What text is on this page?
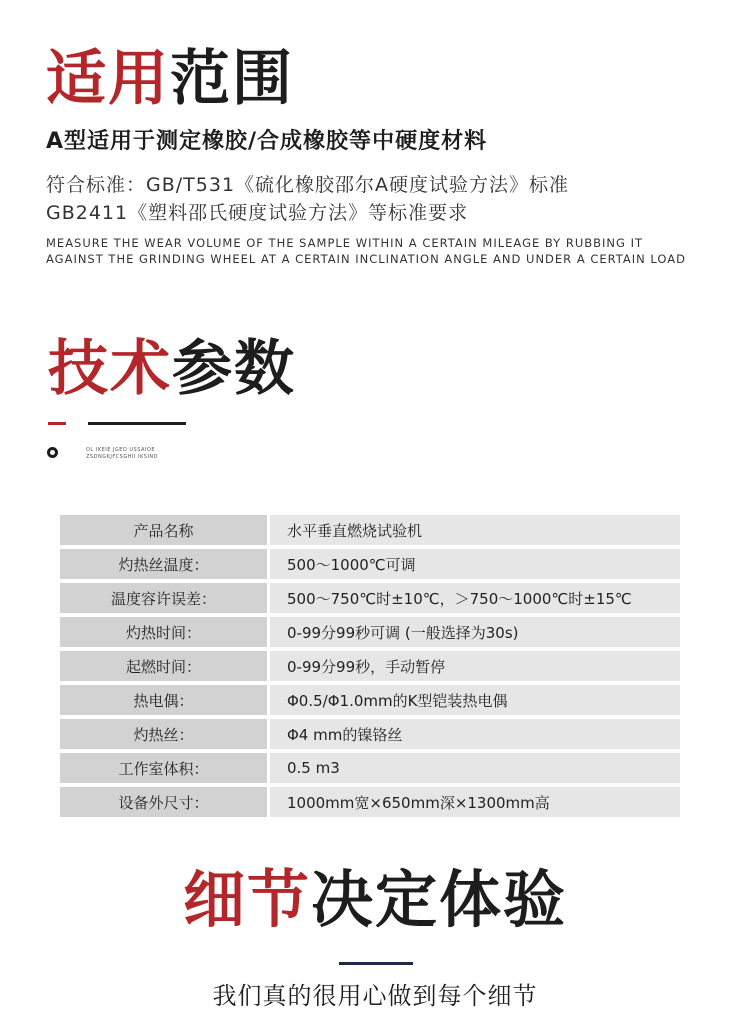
适用范围
A型适用于测定橡胶/合成橡胶等中硬度材料
符合标准：GB/T531《硫化橡胶邵尔A硬度试验方法》标准
GB2411《塑料邵氏硬度试验方法》等标准要求
MEASURE THE WEAR VOLUME OF THE SAMPLE WITHIN A CERTAIN MILEAGE BY RUBBING IT AGAINST THE GRINDING WHEEL AT A CERTAIN INCLINATION ANGLE AND UNDER A CERTAIN LOAD
技术参数
OL IKEIE JGED USSAIOE ZSDNGKJFCSGHII IKSIND
产品名称	水平垂直燃烧试验机
灼热丝温度：	500～1000℃可调
温度容许误差：	500～750℃时±10℃，＞750～1000℃时±15℃
灼热时间：	0-99分99秒可调 (一般选择为30s)
起燃时间：	0-99分99秒，手动暂停
热电偶：	Φ0.5/Φ1.0mm的K型铠装热电偶
灼热丝：	Φ4 mm的镍铬丝
工作室体积：	0.5 m3
设备外尺寸：	1000mm宽×650mm深×1300mm高
细节决定体验
我们真的很用心做到每个细节
